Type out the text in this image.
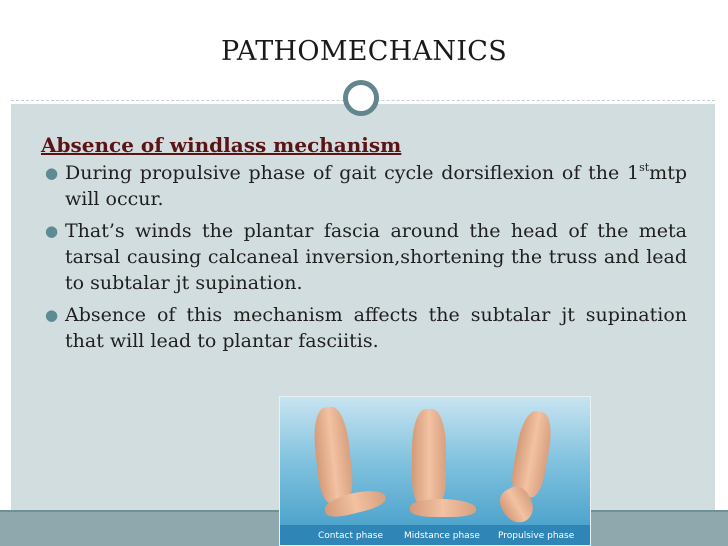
PATHOMECHANICS
Absence of windlass mechanism
● During propulsive phase of gait cycle dorsiflexion of the 1stmtp will occur.
● That’s winds the plantar fascia around the head of the meta tarsal causing calcaneal inversion,shortening the truss and lead to subtalar jt supination.
● Absence of this mechanism affects the subtalar jt supination that will lead to plantar fasciitis.
Contact phase Midstance phase Propulsive phase
